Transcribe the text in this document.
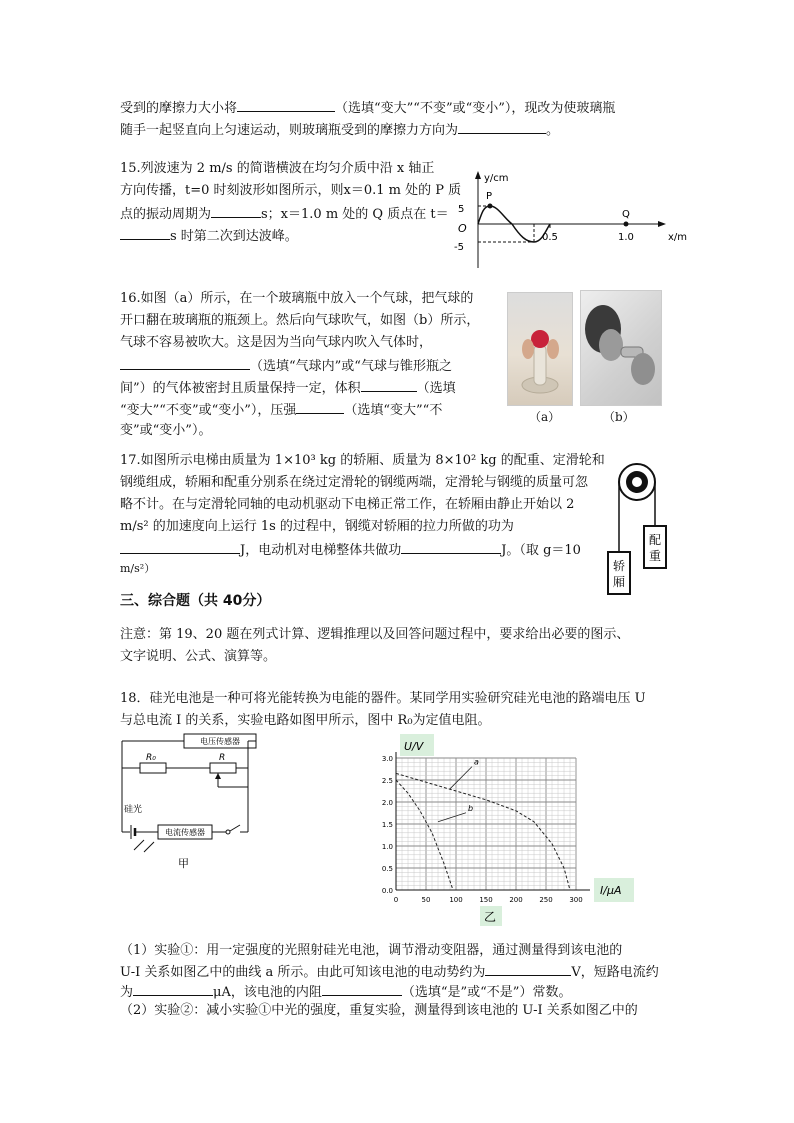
受到的摩擦力大小将	（选填“变大”“不变”或“变小”），现改为使玻璃瓶
随手一起竖直向上匀速运动，则玻璃瓶受到的摩擦力方向为	。
15.列波速为 2 m/s 的简谐横波在均匀介质中沿 x 轴正
方向传播，t=0 时刻波形如图所示，则x＝0.1 m 处的 P 质
点的振动周期为	s；x＝1.0 m 处的 Q 质点在 t＝
s 时第二次到达波峰。
y/cm
x/m
O
5
-5
P
0.5
Q
1.0
16.如图（a）所示，在一个玻璃瓶中放入一个气球，把气球的
开口翻在玻璃瓶的瓶颈上。然后向气球吹气，如图（b）所示，
气球不容易被吹大。这是因为当向气球内吹入气体时，
（选填“气球内”或“气球与锥形瓶之
间”）的气体被密封且质量保持一定，体积	（选填
“变大”“不变”或“变小”），压强	（选填“变大”“不
变”或“变小”）。
（a）	（b）
17.如图所示电梯由质量为 1×10³ kg 的轿厢、质量为 8×10² kg 的配重、定滑轮和
钢缆组成，轿厢和配重分别系在绕过定滑轮的钢缆两端，定滑轮与钢缆的质量可忽
略不计。在与定滑轮同轴的电动机驱动下电梯正常工作，在轿厢由静止开始以 2
m/s² 的加速度向上运行 1s 的过程中，钢缆对轿厢的拉力所做的功为
J，电动机对电梯整体共做功	J。（取 g＝10
m/s²）	轿
厢
配
重
三、综合题（共 40分）
注意：第 19、20 题在列式计算、逻辑推理以及回答问题过程中，要求给出必要的图示、
文字说明、公式、演算等。
18．硅光电池是一种可将光能转换为电能的器件。某同学用实验研究硅光电池的路端电压 U
与总电流 I 的关系，实验电路如图甲所示，图中 R₀为定值电阻。
电压传感器
R₀	R
硅光
电流传感器
甲
U/V
I/μA
乙
0	50	100 150 200 250 300
0.0
0.5
1.0
1.5
2.0
2.5
3.0	a
b
（1）实验①：用一定强度的光照射硅光电池，调节滑动变阻器，通过测量得到该电池的
U-I 关系如图乙中的曲线 a 所示。由此可知该电池的电动势约为	V，短路电流约
为	μA，该电池的内阻	（选填“是”或“不是”）常数。
（2）实验②：减小实验①中光的强度，重复实验，测量得到该电池的 U-I 关系如图乙中的
